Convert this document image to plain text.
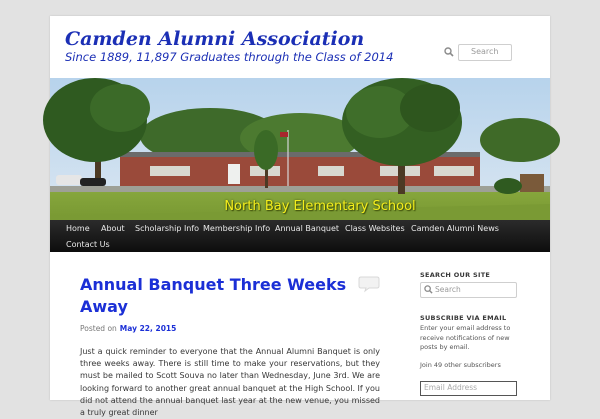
Camden Alumni Association
Since 1889, 11,897 Graduates through the Class of 2014	Search
North Bay Elementary School
Home About Scholarship Info Membership Info Annual Banquet Class Websites Camden Alumni News
Contact Us
Annual Banquet Three Weeks Away
Posted on May 22, 2015
Just a quick reminder to everyone that the Annual Alumni Banquet is only three weeks away. There is still time to make your reservations, but they must be mailed to Scott Souva no later than Wednesday, June 3rd. We are looking forward to another great annual banquet at the High School. If you did not attend the annual banquet last year at the new venue, you missed a truly great dinner
SEARCH OUR SITE
Search
SUBSCRIBE VIA EMAIL
Enter your email address to receive notifications of new posts by email.
Join 49 other subscribers
Email Address
